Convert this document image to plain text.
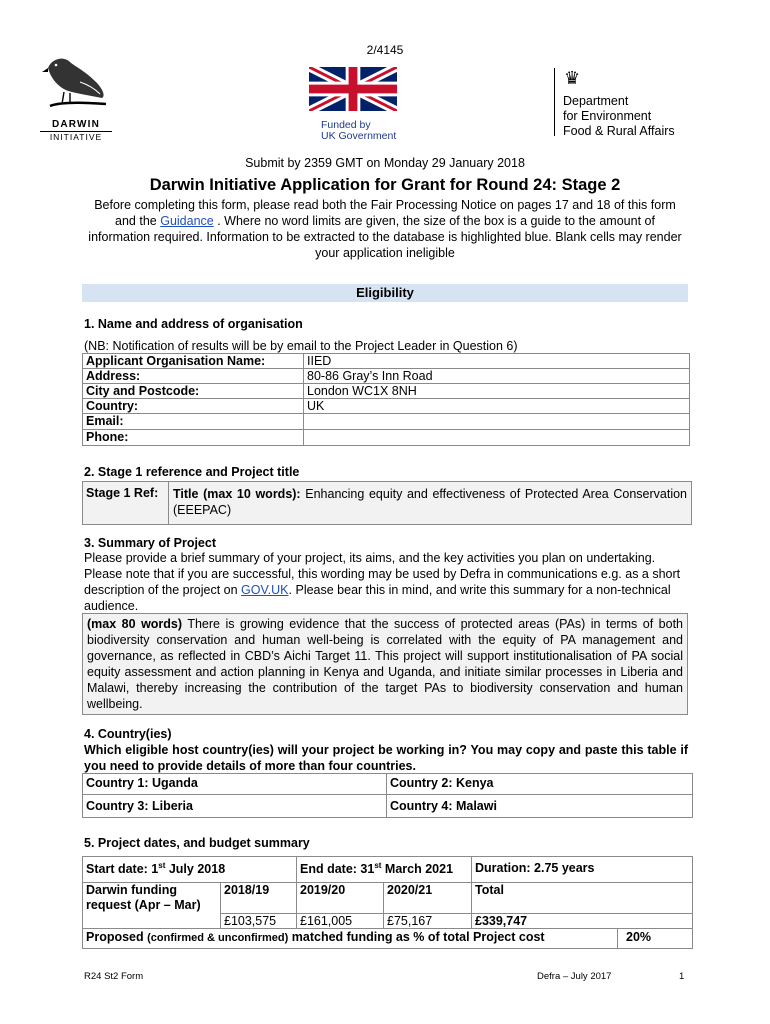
2/4145
DARWIN
INITIATIVE
Funded by
UK Government
♛
Department
for Environment
Food & Rural Affairs
Submit by 2359 GMT on Monday 29 January 2018
Darwin Initiative Application for Grant for Round 24: Stage 2
Before completing this form, please read both the Fair Processing Notice on pages 17 and 18 of this form and the Guidance . Where no word limits are given, the size of the box is a guide to the amount of information required. Information to be extracted to the database is highlighted blue. Blank cells may render your application ineligible
Eligibility
1. Name and address of organisation
(NB: Notification of results will be by email to the Project Leader in Question 6)
Applicant Organisation Name:	IIED
Address:	80-86 Gray’s Inn Road
City and Postcode:	London WC1X 8NH
Country:	UK
Email:	
Phone:	
2. Stage 1 reference and Project title
Stage 1 Ref:	Title (max 10 words): Enhancing equity and effectiveness of Protected Area Conservation (EEEPAC)
3. Summary of Project
Please provide a brief summary of your project, its aims, and the key activities you plan on undertaking. Please note that if you are successful, this wording may be used by Defra in communications e.g. as a short description of the project on GOV.UK. Please bear this in mind, and write this summary for a non-technical audience.
(max 80 words) There is growing evidence that the success of protected areas (PAs) in terms of both biodiversity conservation and human well-being is correlated with the equity of PA management and governance, as reflected in CBD’s Aichi Target 11. This project will support institutionalisation of PA social equity assessment and action planning in Kenya and Uganda, and initiate similar processes in Liberia and Malawi, thereby increasing the contribution of the target PAs to biodiversity conservation and human wellbeing.
4. Country(ies)
Which eligible host country(ies) will your project be working in? You may copy and paste this table if you need to provide details of more than four countries.
Country 1: Uganda	Country 2: Kenya
Country 3: Liberia	Country 4: Malawi
5. Project dates, and budget summary
Start date: 1st July 2018		End date: 31st March 2021		Duration: 2.75 years	
Darwin funding request (Apr – Mar)	2018/19	2019/20	2020/21	Total	
	£103,575	£161,005	£75,167	£339,747	
Proposed (confirmed & unconfirmed) matched funding as % of total Project cost					20%
R24 St2 Form	Defra – July 2017	1
